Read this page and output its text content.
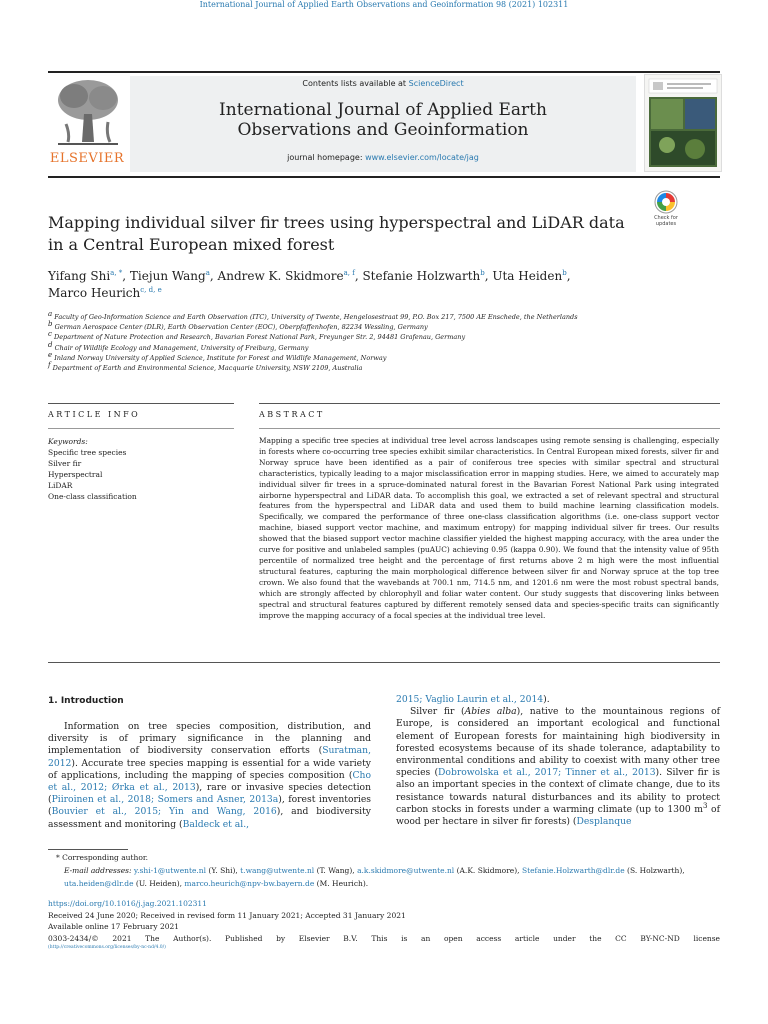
International Journal of Applied Earth Observations and Geoinformation 98 (2021) 102311
ELSEVIER
Contents lists available at ScienceDirect
International Journal of Applied Earth Observations and Geoinformation
journal homepage: www.elsevier.com/locate/jag
Check for updates
Mapping individual silver fir trees using hyperspectral and LiDAR data in a Central European mixed forest
Yifang Shi$^{a, *}$, Tiejun Wang$^a$, Andrew K. Skidmore$^{a, f}$, Stefanie Holzwarth$^b$, Uta Heiden$^b$,
Marco Heurich$^{c, d, e}$
$^a$ Faculty of Geo-Information Science and Earth Observation (ITC), University of Twente, Hengelosestraat 99, P.O. Box 217, 7500 AE Enschede, the Netherlands
$^b$ German Aerospace Center (DLR), Earth Observation Center (EOC), Oberpfaffenhofen, 82234 Wessling, Germany
$^c$ Department of Nature Protection and Research, Bavarian Forest National Park, Freyunger Str. 2, 94481 Grafenau, Germany
$^d$ Chair of Wildlife Ecology and Management, University of Freiburg, Germany
$^e$ Inland Norway University of Applied Science, Institute for Forest and Wildlife Management, Norway
$^f$ Department of Earth and Environmental Science, Macquarie University, NSW 2109, Australia
ARTICLE INFO	ABSTRACT
Keywords:
Specific tree species
Silver fir
Hyperspectral
LiDAR
One-class classification
Mapping a specific tree species at individual tree level across landscapes using remote sensing is challenging, especially in forests where co-occurring tree species exhibit similar characteristics. In Central European mixed forests, silver fir and Norway spruce have been identified as a pair of coniferous tree species with similar spectral and structural characteristics, typically leading to a major misclassification error in mapping studies. Here, we aimed to accurately map individual silver fir trees in a spruce-dominated natural forest in the Bavarian Forest National Park using integrated airborne hyperspectral and LiDAR data. To accomplish this goal, we extracted a set of relevant spectral and structural features from the hyperspectral and LiDAR data and used them to build machine learning classification models. Specifically, we compared the performance of three one-class classification algorithms (i.e. one-class support vector machine, biased support vector machine, and maximum entropy) for mapping individual silver fir trees. Our results showed that the biased support vector machine classifier yielded the highest mapping accuracy, with the area under the curve for positive and unlabeled samples (puAUC) achieving 0.95 (kappa 0.90). We found that the intensity value of 95th percentile of normalized tree height and the percentage of first returns above 2 m high were the most influential structural features, capturing the main morphological difference between silver fir and Norway spruce at the top tree crown. We also found that the wavebands at 700.1 nm, 714.5 nm, and 1201.6 nm were the most robust spectral bands, which are strongly affected by chlorophyll and foliar water content. Our study suggests that discovering links between spectral and structural features captured by different remotely sensed data and species-specific traits can significantly improve the mapping accuracy of a focal species at the individual tree level.
1. Introduction
Information on tree species composition, distribution, and diversity is of primary significance in the planning and implementation of biodiversity conservation efforts (Suratman, 2012). Accurate tree species mapping is essential for a wide variety of applications, including the mapping of species composition (Cho et al., 2012; Ørka et al., 2013), rare or invasive species detection (Piiroinen et al., 2018; Somers and Asner, 2013a), forest inventories (Bouvier et al., 2015; Yin and Wang, 2016), and biodiversity assessment and monitoring (Baldeck et al.,
2015; Vaglio Laurin et al., 2014).
Silver fir (Abies alba), native to the mountainous regions of Europe, is considered an important ecological and functional element of European forests for maintaining high biodiversity in forested ecosystems because of its shade tolerance, adaptability to environmental conditions and ability to coexist with many other tree species (Dobrowolska et al., 2017; Tinner et al., 2013). Silver fir is also an important species in the context of climate change, due to its resistance towards natural disturbances and its ability to protect carbon stocks in forests under a warming climate (up to 1300 $m^3$ of wood per hectare in silver fir forests) (Desplanque
* Corresponding author.
E-mail addresses: y.shi-1@utwente.nl (Y. Shi), t.wang@utwente.nl (T. Wang), a.k.skidmore@utwente.nl (A.K. Skidmore), Stefanie.Holzwarth@dlr.de (S. Holzwarth), uta.heiden@dlr.de (U. Heiden), marco.heurich@npv-bw.bayern.de (M. Heurich).
https://doi.org/10.1016/j.jag.2021.102311
Received 24 June 2020; Received in revised form 11 January 2021; Accepted 31 January 2021
Available online 17 February 2021
0303-2434/© 2021 The Author(s). Published by Elsevier B.V. This is an open access article under the CC BY-NC-ND license
(http://creativecommons.org/licenses/by-nc-nd/4.0/)
